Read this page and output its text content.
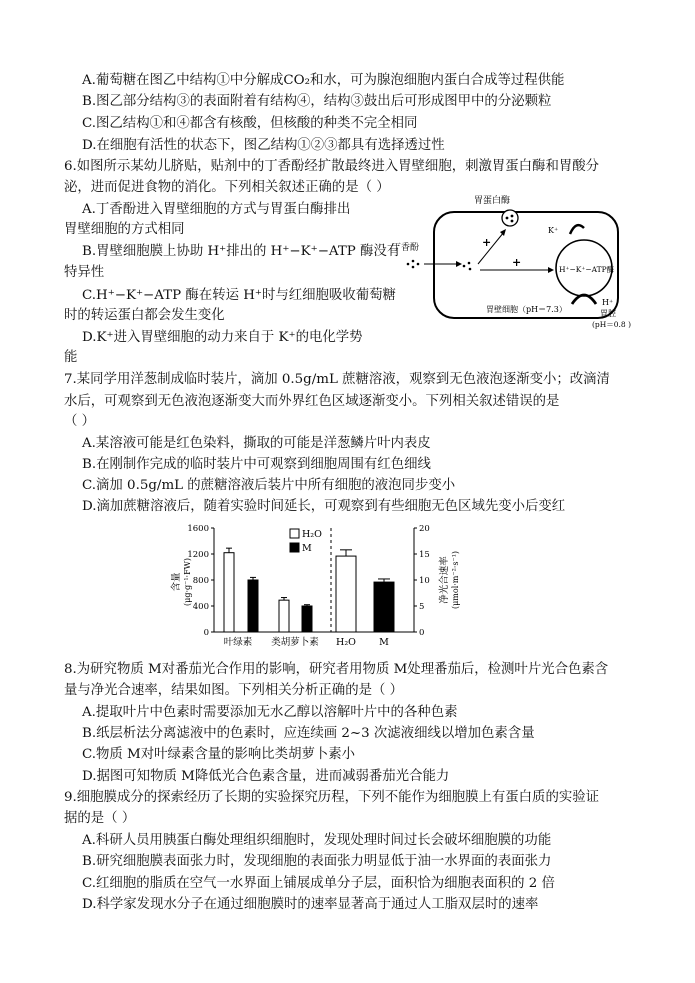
A.葡萄糖在图乙中结构①中分解成CO₂和水，可为腺泡细胞内蛋白合成等过程供能
B.图乙部分结构③的表面附着有结构④，结构③鼓出后可形成图甲中的分泌颗粒
C.图乙结构①和④都含有核酸，但核酸的种类不完全相同
D.在细胞有活性的状态下，图乙结构①②③都具有选择透过性
6.如图所示某幼儿脐贴，贴剂中的丁香酚经扩散最终进入胃壁细胞，刺激胃蛋白酶和胃酸分
泌，进而促进食物的消化。下列相关叙述正确的是（ ）
A.丁香酚进入胃壁细胞的方式与胃蛋白酶排出
胃壁细胞的方式相同
B.胃壁细胞膜上协助 H⁺排出的 H⁺−K⁺−ATP 酶没有
特异性
C.H⁺−K⁺−ATP 酶在转运 H⁺时与红细胞吸收葡萄糖
时的转运蛋白都会发生变化
D.K⁺进入胃壁细胞的动力来自于 K⁺的电化学势
能
胃蛋白酶
丁香酚	+
+
K⁺
H⁺−K⁺−ATP酶
胃壁细胞（pH＝7.3）
H⁺
胃腔
(pH＝0.8 )
7.某同学用洋葱制成临时装片，滴加 0.5g/mL 蔗糖溶液，观察到无色液泡逐渐变小；改滴清
水后，可观察到无色液泡逐渐变大而外界红色区域逐渐变小。下列相关叙述错误的是
（ ）
A.某溶液可能是红色染料，撕取的可能是洋葱鳞片叶内表皮
B.在刚制作完成的临时装片中可观察到细胞周围有红色细线
C.滴加 0.5g/mL 的蔗糖溶液后装片中所有细胞的液泡同步变小
D.滴加蔗糖溶液后，随着实验时间延长，可观察到有些细胞无色区域先变小后变红
0
400
800
1200
1600
0
5
10
15
20
含量 (μg·g⁻¹·FW)	净光合速率 (μmol·m⁻²·s⁻¹)
叶绿素 类胡萝卜素 H₂O M
H₂O
M
8.为研究物质 M对番茄光合作用的影响，研究者用物质 M处理番茄后，检测叶片光合色素含
量与净光合速率，结果如图。下列相关分析正确的是（ ）
A.提取叶片中色素时需要添加无水乙醇以溶解叶片中的各种色素
B.纸层析法分离滤液中的色素时，应连续画 2~3 次滤液细线以增加色素含量
C.物质 M对叶绿素含量的影响比类胡萝卜素小
D.据图可知物质 M降低光合色素含量，进而减弱番茄光合能力
9.细胞膜成分的探索经历了长期的实验探究历程，下列不能作为细胞膜上有蛋白质的实验证
据的是（ ）
A.科研人员用胰蛋白酶处理组织细胞时，发现处理时间过长会破坏细胞膜的功能
B.研究细胞膜表面张力时，发现细胞的表面张力明显低于油一水界面的表面张力
C.红细胞的脂质在空气一水界面上铺展成单分子层，面积恰为细胞表面积的 2 倍
D.科学家发现水分子在通过细胞膜时的速率显著高于通过人工脂双层时的速率
